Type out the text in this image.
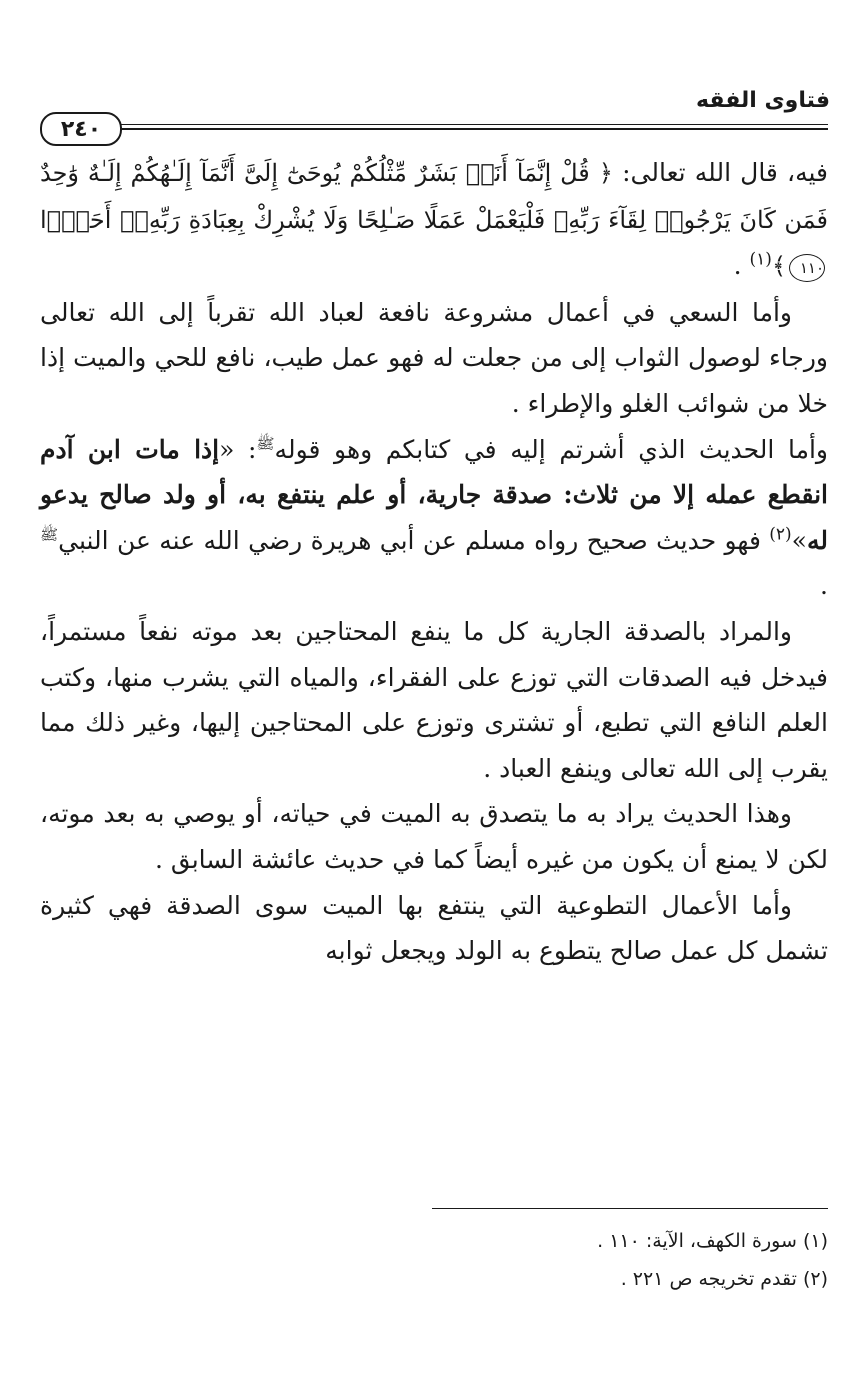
فتاوى الفقه
٢٤٠

فيه، قال الله تعالى: ﴿ قُلْ إِنَّمَآ أَنَا۠ بَشَرٌ مِّثْلُكُمْ يُوحَىٰٓ إِلَىَّ أَنَّمَآ إِلَـٰهُكُمْ إِلَـٰهٌ وَٰحِدٌ فَمَن كَانَ يَرْجُوا۟ لِقَآءَ رَبِّهِۦ فَلْيَعْمَلْ عَمَلًا صَـٰلِحًا وَلَا يُشْرِكْ بِعِبَادَةِ رَبِّهِۦٓ أَحَدًۢا ١١٠﴾$^{(١)}$ .

وأما السعي في أعمال مشروعة نافعة لعباد الله تقرباً إلى الله تعالى ورجاء لوصول الثواب إلى من جعلت له فهو عمل طيب، نافع للحي والميت إذا خلا من شوائب الغلو والإطراء .

وأما الحديث الذي أشرتم إليه في كتابكم وهو قوله$^ﷺ$: «إذا مات ابن آدم انقطع عمله إلا من ثلاث: صدقة جارية، أو علم ينتفع به، أو ولد صالح يدعو له»$^{(٢)}$ فهو حديث صحيح رواه مسلم عن أبي هريرة رضي الله عنه عن النبي$^ﷺ$ .

والمراد بالصدقة الجارية كل ما ينفع المحتاجين بعد موته نفعاً مستمراً، فيدخل فيه الصدقات التي توزع على الفقراء، والمياه التي يشرب منها، وكتب العلم النافع التي تطبع، أو تشترى وتوزع على المحتاجين إليها، وغير ذلك مما يقرب إلى الله تعالى وينفع العباد .

وهذا الحديث يراد به ما يتصدق به الميت في حياته، أو يوصي به بعد موته، لكن لا يمنع أن يكون من غيره أيضاً كما في حديث عائشة السابق .

وأما الأعمال التطوعية التي ينتفع بها الميت سوى الصدقة فهي كثيرة تشمل كل عمل صالح يتطوع به الولد ويجعل ثوابه

(١) سورة الكهف، الآية: ١١٠ .
(٢) تقدم تخريجه ص ٢٢١ .
